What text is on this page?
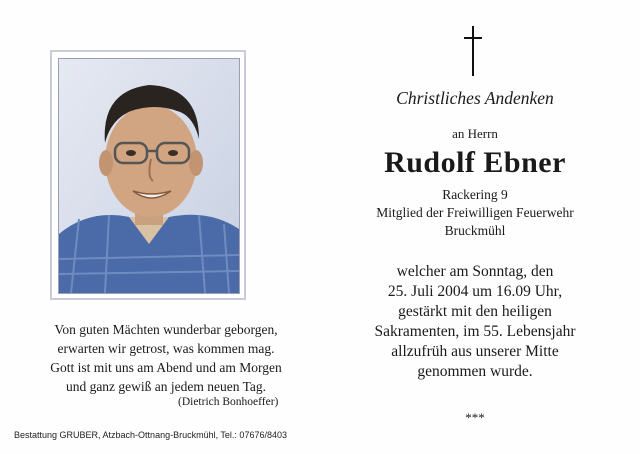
Von guten Mächten wunderbar geborgen,
erwarten wir getrost, was kommen mag.
Gott ist mit uns am Abend und am Morgen
und ganz gewiß an jedem neuen Tag.
(Dietrich Bonhoeffer)
Bestattung GRUBER, Atzbach-Ottnang-Bruckmühl, Tel.: 07676/8403
Christliches Andenken
an Herrn
Rudolf Ebner
Rackering 9
Mitglied der Freiwilligen Feuerwehr
Bruckmühl
welcher am Sonntag, den
25. Juli 2004 um 16.09 Uhr,
gestärkt mit den heiligen
Sakramenten, im 55. Lebensjahr
allzufrüh aus unserer Mitte
genommen wurde.
***
